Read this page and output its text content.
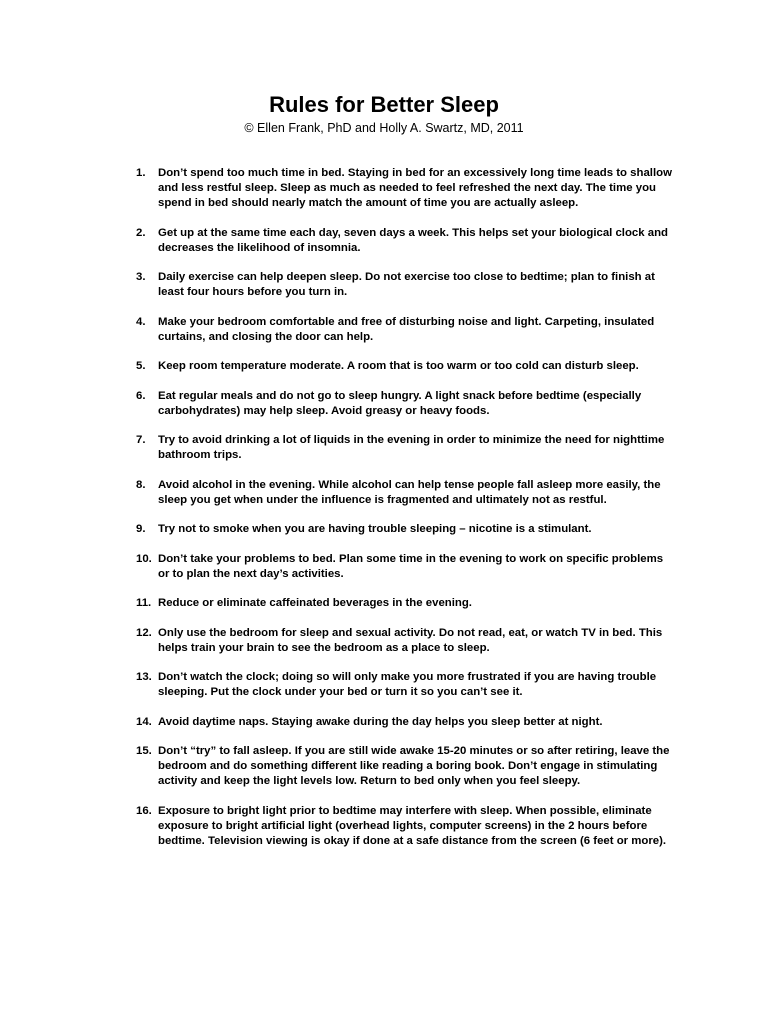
Rules for Better Sleep
© Ellen Frank, PhD and Holly A. Swartz, MD, 2011
1. Don’t spend too much time in bed. Staying in bed for an excessively long time leads to shallow and less restful sleep. Sleep as much as needed to feel refreshed the next day. The time you spend in bed should nearly match the amount of time you are actually asleep.
2. Get up at the same time each day, seven days a week. This helps set your biological clock and decreases the likelihood of insomnia.
3. Daily exercise can help deepen sleep. Do not exercise too close to bedtime; plan to finish at least four hours before you turn in.
4. Make your bedroom comfortable and free of disturbing noise and light. Carpeting, insulated curtains, and closing the door can help.
5. Keep room temperature moderate. A room that is too warm or too cold can disturb sleep.
6. Eat regular meals and do not go to sleep hungry. A light snack before bedtime (especially carbohydrates) may help sleep. Avoid greasy or heavy foods.
7. Try to avoid drinking a lot of liquids in the evening in order to minimize the need for nighttime bathroom trips.
8. Avoid alcohol in the evening. While alcohol can help tense people fall asleep more easily, the sleep you get when under the influence is fragmented and ultimately not as restful.
9. Try not to smoke when you are having trouble sleeping – nicotine is a stimulant.
10. Don’t take your problems to bed. Plan some time in the evening to work on specific problems or to plan the next day’s activities.
11. Reduce or eliminate caffeinated beverages in the evening.
12. Only use the bedroom for sleep and sexual activity. Do not read, eat, or watch TV in bed. This helps train your brain to see the bedroom as a place to sleep.
13. Don’t watch the clock; doing so will only make you more frustrated if you are having trouble sleeping. Put the clock under your bed or turn it so you can’t see it.
14. Avoid daytime naps. Staying awake during the day helps you sleep better at night.
15. Don’t “try” to fall asleep. If you are still wide awake 15-20 minutes or so after retiring, leave the bedroom and do something different like reading a boring book. Don’t engage in stimulating activity and keep the light levels low. Return to bed only when you feel sleepy.
16. Exposure to bright light prior to bedtime may interfere with sleep. When possible, eliminate exposure to bright artificial light (overhead lights, computer screens) in the 2 hours before bedtime. Television viewing is okay if done at a safe distance from the screen (6 feet or more).
